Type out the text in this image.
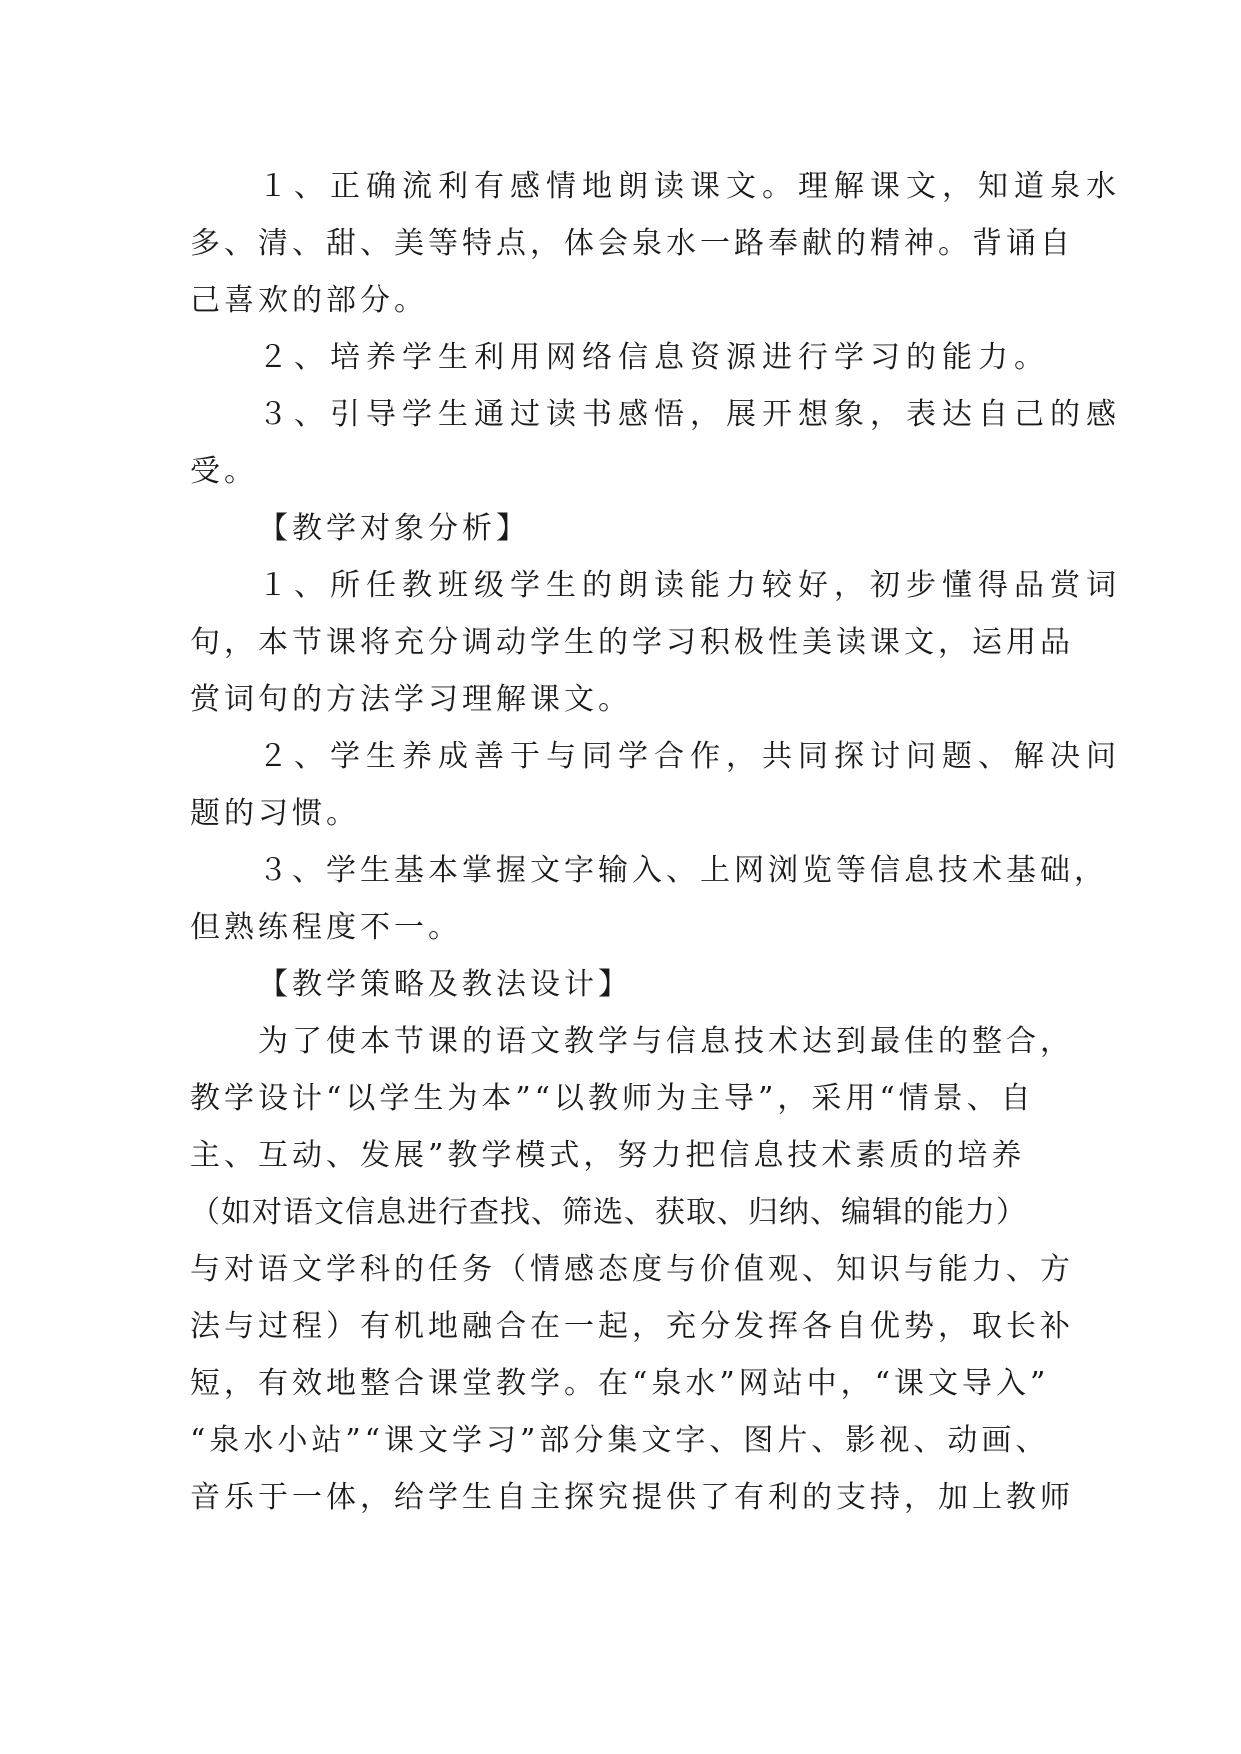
１、正确流利有感情地朗读课文。理解课文，知道泉水
多、清、甜、美等特点，体会泉水一路奉献的精神。背诵自
己喜欢的部分。
２、培养学生利用网络信息资源进行学习的能力。
３、引导学生通过读书感悟，展开想象，表达自己的感
受。
【教学对象分析】
１、所任教班级学生的朗读能力较好，初步懂得品赏词
句，本节课将充分调动学生的学习积极性美读课文，运用品
赏词句的方法学习理解课文。
２、学生养成善于与同学合作，共同探讨问题、解决问
题的习惯。
３、学生基本掌握文字输入、上网浏览等信息技术基础，
但熟练程度不一。
【教学策略及教法设计】
为了使本节课的语文教学与信息技术达到最佳的整合，
教学设计“以学生为本”“以教师为主导”，采用“情景、自
主、互动、发展”教学模式，努力把信息技术素质的培养
（如对语文信息进行查找、筛选、获取、归纳、编辑的能力）
与对语文学科的任务（情感态度与价值观、知识与能力、方
法与过程）有机地融合在一起，充分发挥各自优势，取长补
短，有效地整合课堂教学。在“泉水”网站中，“课文导入”
“泉水小站”“课文学习”部分集文字、图片、影视、动画、
音乐于一体，给学生自主探究提供了有利的支持，加上教师
